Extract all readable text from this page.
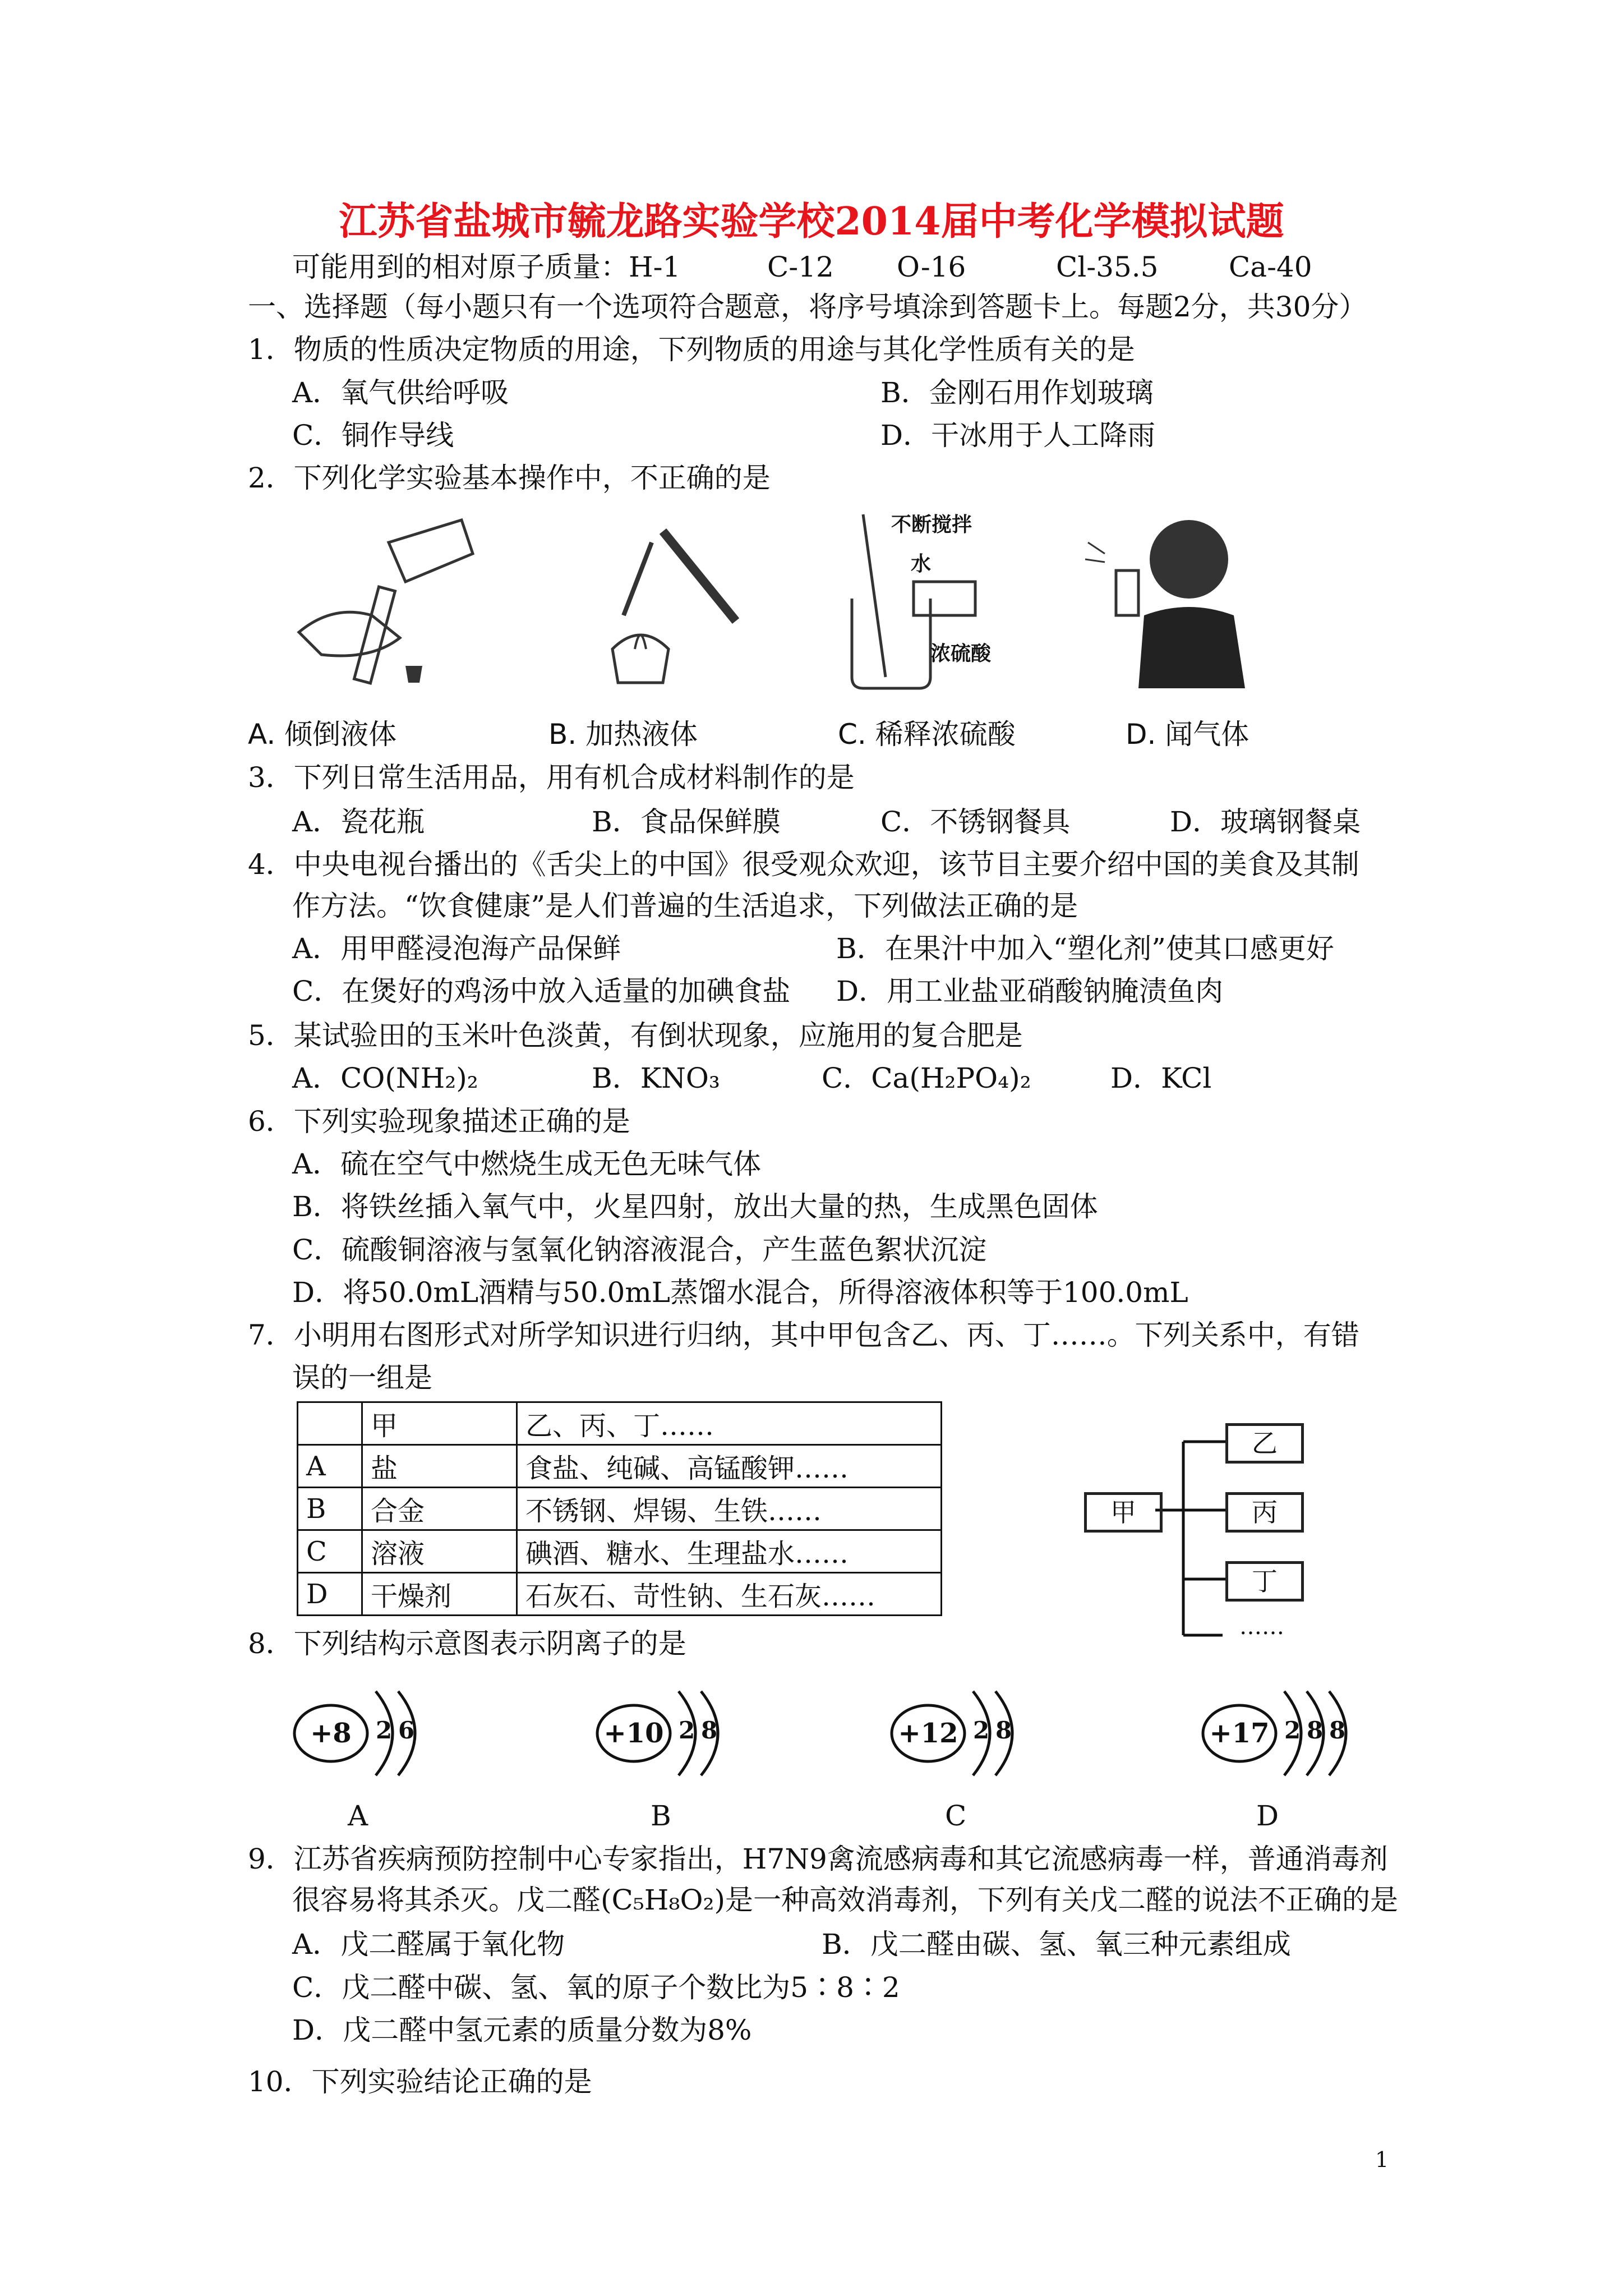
江苏省盐城市毓龙路实验学校2014届中考化学模拟试题
可能用到的相对原子质量：H-1	C-12 O-16	Cl-35.5	Ca-40
一、选择题（每小题只有一个选项符合题意，将序号填涂到答题卡上。每题2分，共30分）
1．物质的性质决定物质的用途，下列物质的用途与其化学性质有关的是
A．氧气供给呼吸	B．金刚石用作划玻璃
C．铜作导线	D．干冰用于人工降雨
2．下列化学实验基本操作中，不正确的是
不断搅拌
水
浓硫酸
A. 倾倒液体	B. 加热液体	C. 稀释浓硫酸	D. 闻气体
3．下列日常生活用品，用有机合成材料制作的是
A．瓷花瓶	B．食品保鲜膜	C．不锈钢餐具	D．玻璃钢餐桌
4．中央电视台播出的《舌尖上的中国》很受观众欢迎，该节目主要介绍中国的美食及其制
作方法。“饮食健康”是人们普遍的生活追求，下列做法正确的是
A．用甲醛浸泡海产品保鲜	B．在果汁中加入“塑化剂”使其口感更好
C．在煲好的鸡汤中放入适量的加碘食盐 D．用工业盐亚硝酸钠腌渍鱼肉
5．某试验田的玉米叶色淡黄，有倒状现象，应施用的复合肥是
A．CO(NH₂)₂	B．KNO₃	C．Ca(H₂PO₄)₂	D．KCl
6．下列实验现象描述正确的是
A．硫在空气中燃烧生成无色无味气体
B．将铁丝插入氧气中，火星四射，放出大量的热，生成黑色固体
C．硫酸铜溶液与氢氧化钠溶液混合，产生蓝色絮状沉淀
D．将50.0mL酒精与50.0mL蒸馏水混合，所得溶液体积等于100.0mL
7．小明用右图形式对所学知识进行归纳，其中甲包含乙、丙、丁……。下列关系中，有错
误的一组是
	甲	乙、丙、丁……
A	盐	食盐、纯碱、高锰酸钾……
B	合金	不锈钢、焊锡、生铁……
C	溶液	碘酒、糖水、生理盐水……
D	干燥剂	石灰石、苛性钠、生石灰……
甲
乙
丙
丁
……
8．下列结构示意图表示阴离子的是
+8	2 6
A
+10 2 8
B
+12 2 8
C
+17 2 8 8
D
9．江苏省疾病预防控制中心专家指出，H7N9禽流感病毒和其它流感病毒一样，普通消毒剂
很容易将其杀灭。戊二醛(C₅H₈O₂)是一种高效消毒剂，下列有关戊二醛的说法不正确的是
A．戊二醛属于氧化物	B．戊二醛由碳、氢、氧三种元素组成
C．戊二醛中碳、氢、氧的原子个数比为5∶8∶2
D．戊二醛中氢元素的质量分数为8%
10．下列实验结论正确的是
1
